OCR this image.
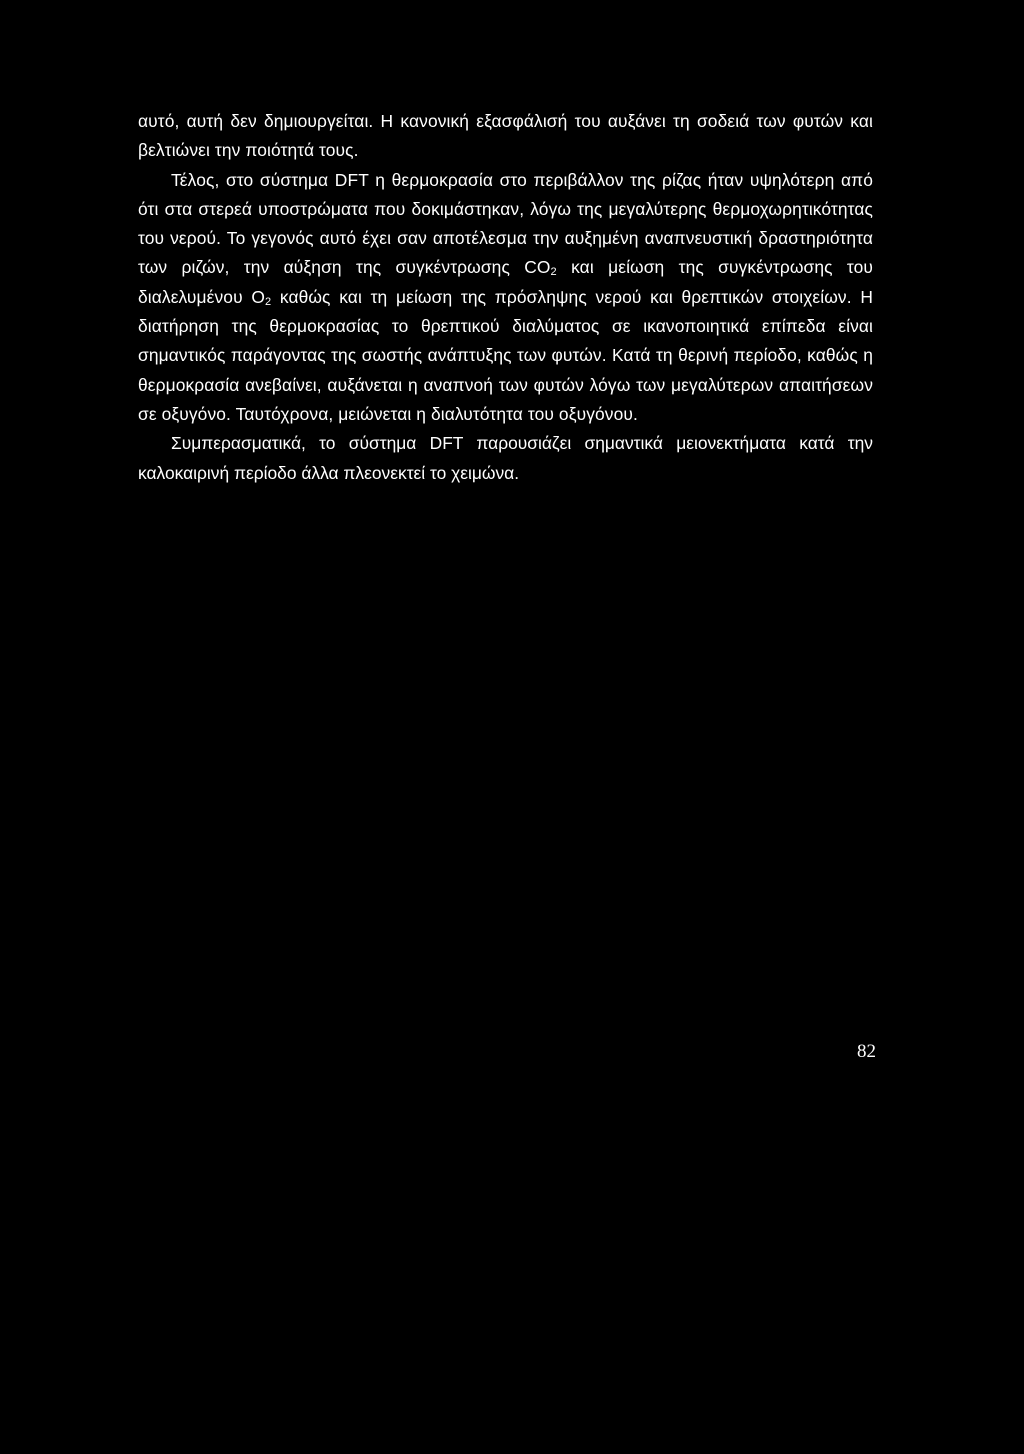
αυτό, αυτή δεν δημιουργείται. Η κανονική εξασφάλισή του αυξάνει τη σοδειά των φυτών και βελτιώνει την ποιότητά τους.

Τέλος, στο σύστημα DFT η θερμοκρασία στο περιβάλλον της ρίζας ήταν υψηλότερη από ότι στα στερεά υποστρώματα που δοκιμάστηκαν, λόγω της μεγαλύτερης θερμοχωρητικότητας του νερού. Το γεγονός αυτό έχει σαν αποτέλεσμα την αυξημένη αναπνευστική δραστηριότητα των ριζών, την αύξηση της συγκέντρωσης $CO_2$ και μείωση της συγκέντρωσης του διαλελυμένου $O_2$ καθώς και τη μείωση της πρόσληψης νερού και θρεπτικών στοιχείων. Η διατήρηση της θερμοκρασίας το θρεπτικού διαλύματος σε ικανοποιητικά επίπεδα είναι σημαντικός παράγοντας της σωστής ανάπτυξης των φυτών. Κατά τη θερινή περίοδο, καθώς η θερμοκρασία ανεβαίνει, αυξάνεται η αναπνοή των φυτών λόγω των μεγαλύτερων απαιτήσεων σε οξυγόνο. Ταυτόχρονα, μειώνεται η διαλυτότητα του οξυγόνου.

Συμπερασματικά, το σύστημα DFT παρουσιάζει σημαντικά μειονεκτήματα κατά την καλοκαιρινή περίοδο άλλα πλεονεκτεί το χειμώνα.

82
